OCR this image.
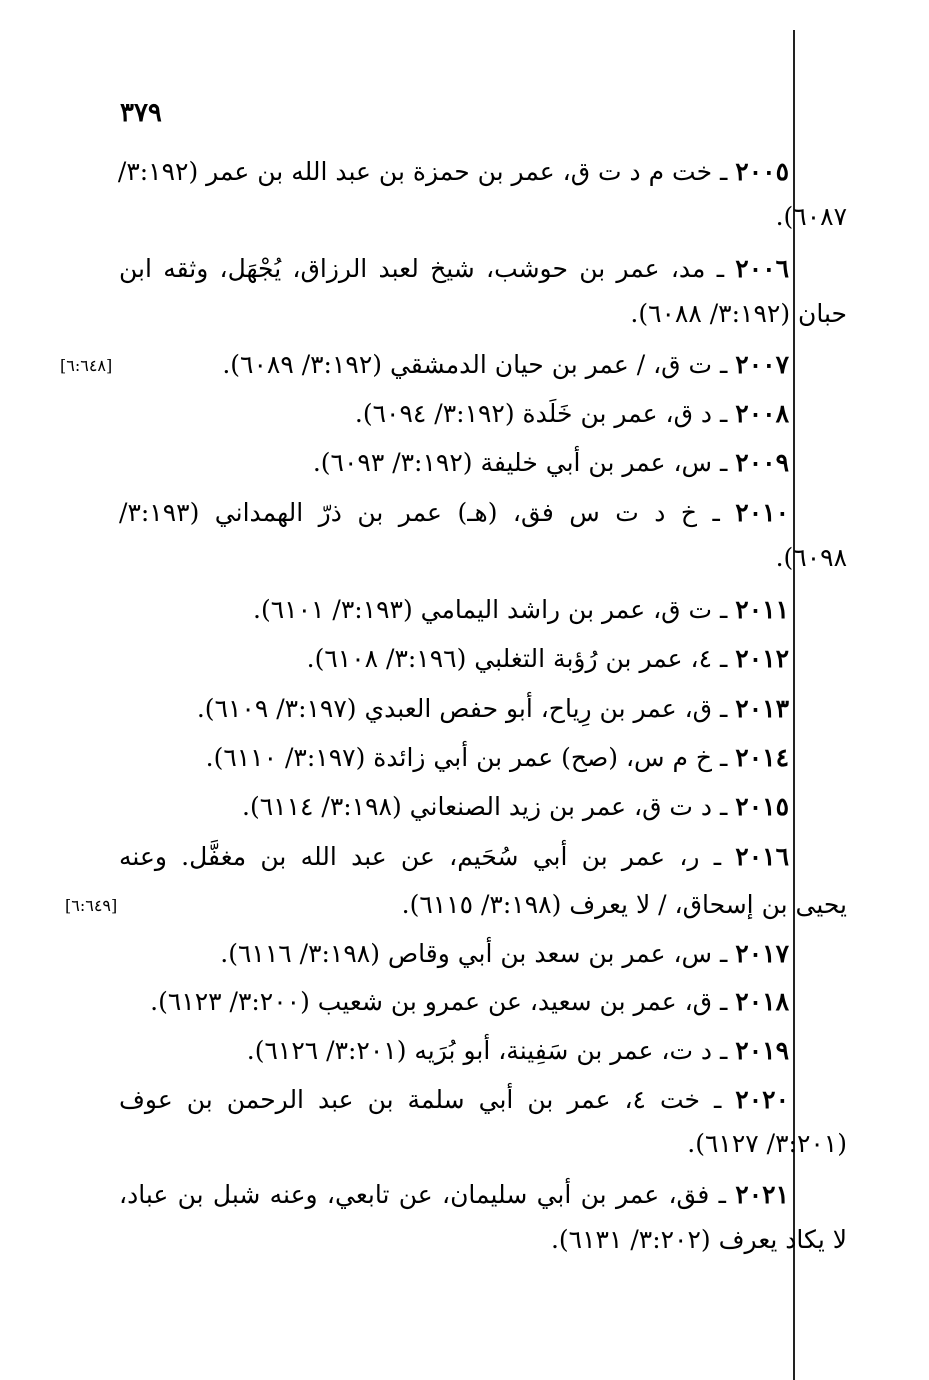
٣٧٩
٢٠٠٥ ـ خت م د ت ق، عمر بن حمزة بن عبد الله بن عمر (٣:١٩٢/
٦٠٨٧).
٢٠٠٦ ـ مد، عمر بن حوشب، شيخ لعبد الرزاق، يُجْهَل، وثقه ابن
حبان (٣:١٩٢/ ٦٠٨٨).
٢٠٠٧ ـ ت ق، / عمر بن حيان الدمشقي (٣:١٩٢/ ٦٠٨٩).
[٦:٦٤٨]
٢٠٠٨ ـ د ق، عمر بن خَلَدة (٣:١٩٢/ ٦٠٩٤).
٢٠٠٩ ـ س، عمر بن أبي خليفة (٣:١٩٢/ ٦٠٩٣).
٢٠١٠ ـ خ د ت س فق، (هـ) عمر بن ذرّ الهمداني (٣:١٩٣/
٦٠٩٨).
٢٠١١ ـ ت ق، عمر بن راشد اليمامي (٣:١٩٣/ ٦١٠١).
٢٠١٢ ـ ٤، عمر بن رُؤبة التغلبي (٣:١٩٦/ ٦١٠٨).
٢٠١٣ ـ ق، عمر بن رِياح، أبو حفص العبدي (٣:١٩٧/ ٦١٠٩).
٢٠١٤ ـ خ م س، (صح) عمر بن أبي زائدة (٣:١٩٧/ ٦١١٠).
٢٠١٥ ـ د ت ق، عمر بن زيد الصنعاني (٣:١٩٨/ ٦١١٤).
٢٠١٦ ـ ر، عمر بن أبي سُحَيم، عن عبد الله بن مغفَّل. وعنه
يحيى بن إسحاق، / لا يعرف (٣:١٩٨/ ٦١١٥).
[٦:٦٤٩]
٢٠١٧ ـ س، عمر بن سعد بن أبي وقاص (٣:١٩٨/ ٦١١٦).
٢٠١٨ ـ ق، عمر بن سعيد، عن عمرو بن شعيب (٣:٢٠٠/ ٦١٢٣).
٢٠١٩ ـ د ت، عمر بن سَفِينة، أبو بُرَيه (٣:٢٠١/ ٦١٢٦).
٢٠٢٠ ـ خت ٤، عمر بن أبي سلمة بن عبد الرحمن بن عوف
(٣:٢٠١/ ٦١٢٧).
٢٠٢١ ـ فق، عمر بن أبي سليمان، عن تابعي، وعنه شبل بن عباد،
لا يكاد يعرف (٣:٢٠٢/ ٦١٣١).
